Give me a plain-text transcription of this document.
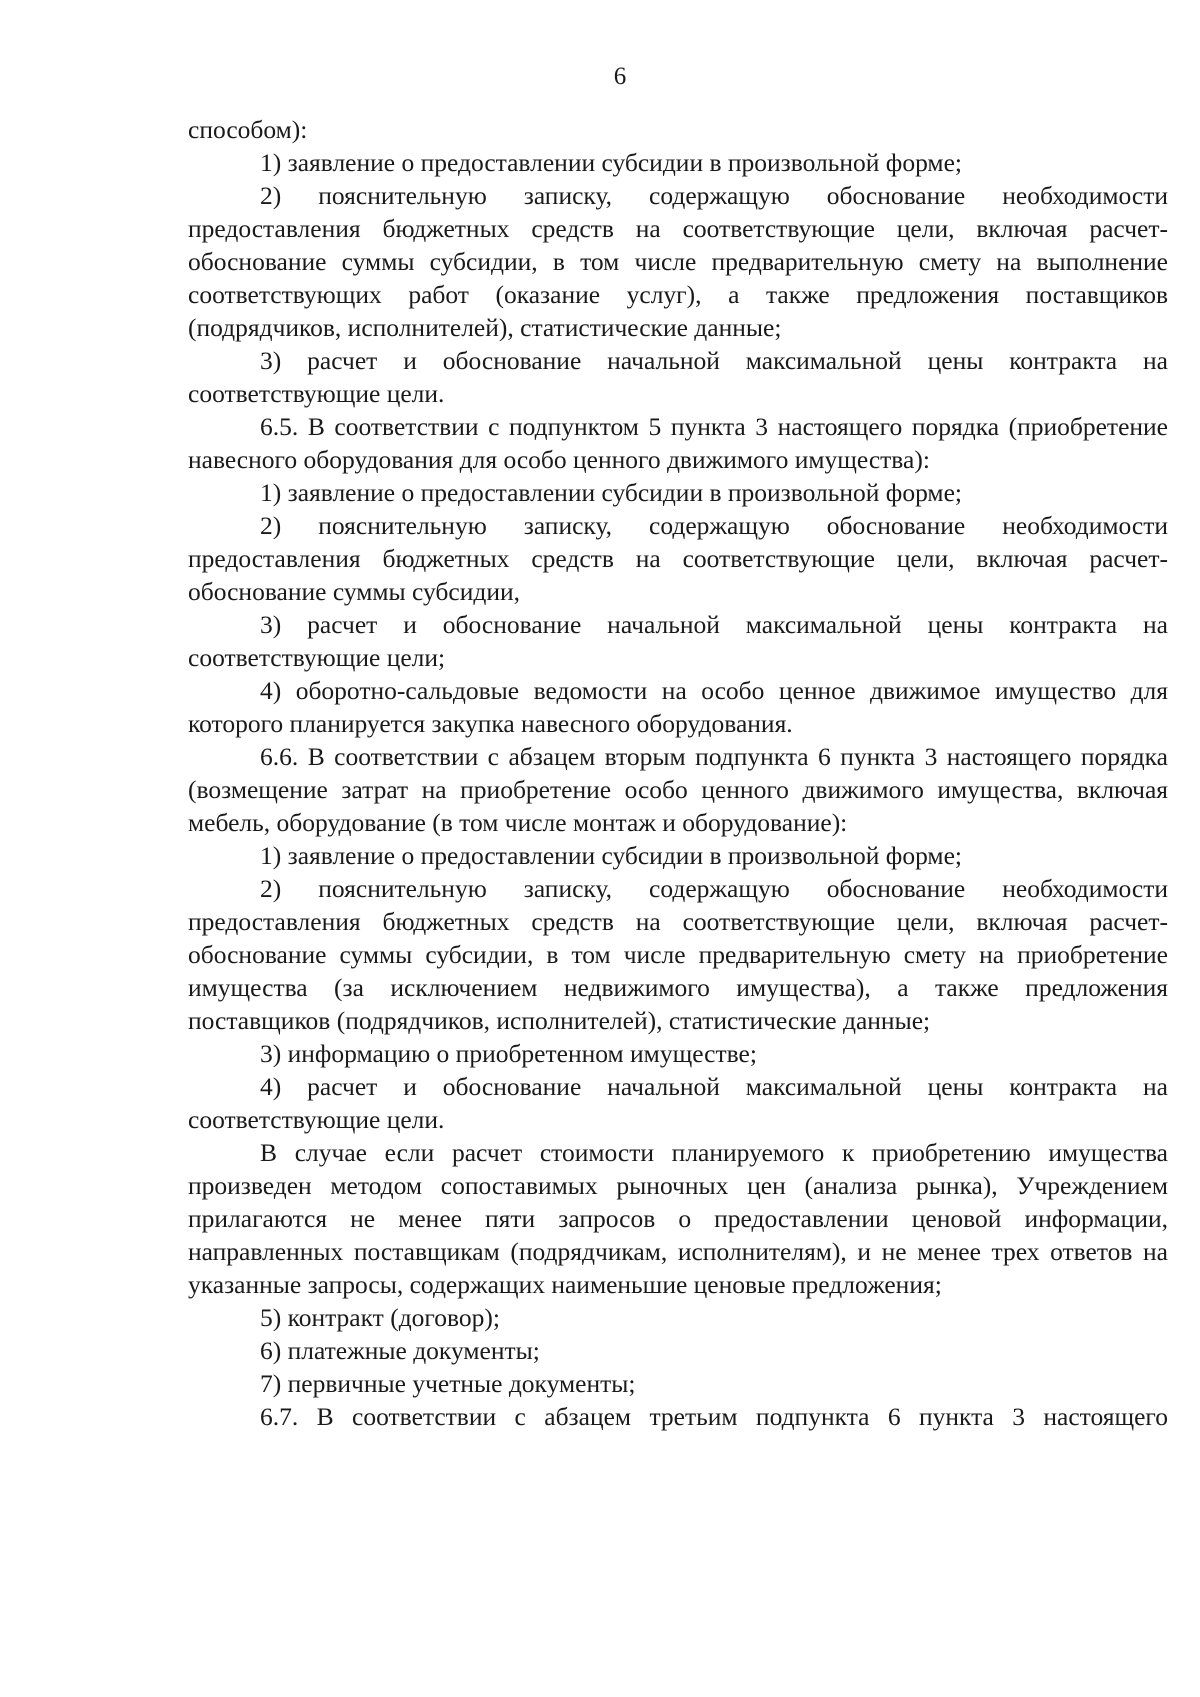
6

способом):

1) заявление о предоставлении субсидии в произвольной форме;

2) пояснительную записку, содержащую обоснование необходимости предоставления бюджетных средств на соответствующие цели, включая расчет-обоснование суммы субсидии, в том числе предварительную смету на выполнение соответствующих работ (оказание услуг), а также предложения поставщиков (подрядчиков, исполнителей), статистические данные;

3) расчет и обоснование начальной максимальной цены контракта на соответствующие цели.

6.5. В соответствии с подпунктом 5 пункта 3 настоящего порядка (приобретение навесного оборудования для особо ценного движимого имущества):

1) заявление о предоставлении субсидии в произвольной форме;

2) пояснительную записку, содержащую обоснование необходимости предоставления бюджетных средств на соответствующие цели, включая расчет-обоснование суммы субсидии,

3) расчет и обоснование начальной максимальной цены контракта на соответствующие цели;

4) оборотно-сальдовые ведомости на особо ценное движимое имущество для которого планируется закупка навесного оборудования.

6.6. В соответствии с абзацем вторым подпункта 6 пункта 3 настоящего порядка (возмещение затрат на приобретение особо ценного движимого имущества, включая мебель, оборудование (в том числе монтаж и оборудование):

1) заявление о предоставлении субсидии в произвольной форме;

2) пояснительную записку, содержащую обоснование необходимости предоставления бюджетных средств на соответствующие цели, включая расчет-обоснование суммы субсидии, в том числе предварительную смету на приобретение имущества (за исключением недвижимого имущества), а также предложения поставщиков (подрядчиков, исполнителей), статистические данные;

3) информацию о приобретенном имуществе;

4) расчет и обоснование начальной максимальной цены контракта на соответствующие цели.

В случае если расчет стоимости планируемого к приобретению имущества произведен методом сопоставимых рыночных цен (анализа рынка), Учреждением прилагаются не менее пяти запросов о предоставлении ценовой информации, направленных поставщикам (подрядчикам, исполнителям), и не менее трех ответов на указанные запросы, содержащих наименьшие ценовые предложения;

5) контракт (договор);

6) платежные документы;

7) первичные учетные документы;

6.7. В соответствии с абзацем третьим подпункта 6 пункта 3 настоящего
